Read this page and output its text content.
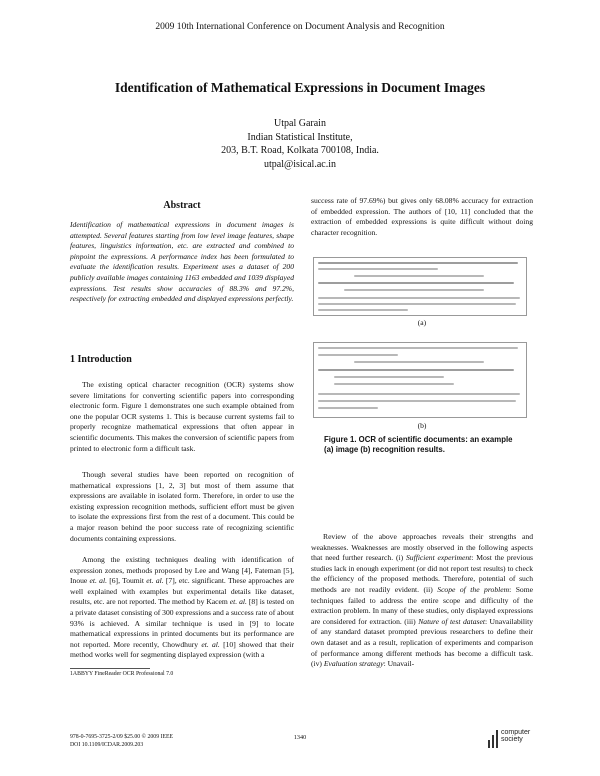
2009 10th International Conference on Document Analysis and Recognition
Identification of Mathematical Expressions in Document Images
Utpal Garain
Indian Statistical Institute,
203, B.T. Road, Kolkata 700108, India.
utpal@isical.ac.in
Abstract
Identification of mathematical expressions in document images is attempted. Several features starting from low level image features, shape features, linguistics information, etc. are extracted and combined to pinpoint the expressions. A performance index has been formulated to evaluate the identification results. Experiment uses a dataset of 200 publicly available images containing 1163 embedded and 1039 displayed expressions. Test results show accuracies of 88.3% and 97.2%, respectively for extracting embedded and displayed expressions perfectly.
1 Introduction
The existing optical character recognition (OCR) systems show severe limitations for converting scientific papers into corresponding electronic form. Figure 1 demonstrates one such example obtained from one the popular OCR systems 1. This is because current systems fail to properly recognize mathematical expressions that often appear in scientific documents. This makes the conversion of scientific papers from printed to electronic form a difficult task.
Though several studies have been reported on recognition of mathematical expressions [1, 2, 3] but most of them assume that expressions are available in isolated form. Therefore, in order to use the existing expression recognition methods, sufficient effort must be given to isolate the expressions first from the rest of a document. This could be a major reason behind the poor success rate of recognizing scientific documents containing expressions.
Among the existing techniques dealing with identification of expression zones, methods proposed by Lee and Wang [4], Fateman [5], Inoue et. al. [6], Toumit et. al. [7], etc. significant. These approaches are well explained with examples but experimental details like dataset, results, etc. are not reported. The method by Kacem et. al. [8] is tested on a private dataset consisting of 300 expressions and a success rate of about 93% is achieved. A similar technique is used in [9] to locate mathematical expressions in printed documents but its performance are not reported. More recently, Chowdhury et. al. [10] showed that their method works well for segmenting displayed expression (with a
1ABBYY FineReader OCR Professional 7.0
success rate of 97.69%) but gives only 68.08% accuracy for extraction of embedded expression. The authors of [10, 11] concluded that the extraction of embedded expressions is quite difficult without doing character recognition.
(a)
(b)
Figure 1. OCR of scientific documents: an example (a) image (b) recognition results.
Review of the above approaches reveals their strengths and weaknesses. Weaknesses are mostly observed in the following aspects that need further research. (i) Sufficient experiment: Most the previous studies lack in enough experiment (or did not report test results) to check the efficiency of the proposed methods. Therefore, potential of such methods are not readily evident. (ii) Scope of the problem: Some techniques failed to address the entire scope and difficulty of the extraction problem. In many of these studies, only displayed expressions are considered for extraction. (iii) Nature of test dataset: Unavailability of any standard dataset prompted previous researchers to define their own dataset and as a result, replication of experiments and comparison of performance among different methods has become a difficult task. (iv) Evaluation strategy: Unavail-
978-0-7695-3725-2/09 $25.00 © 2009 IEEE
DOI 10.1109/ICDAR.2009.203
1340
computer
society
